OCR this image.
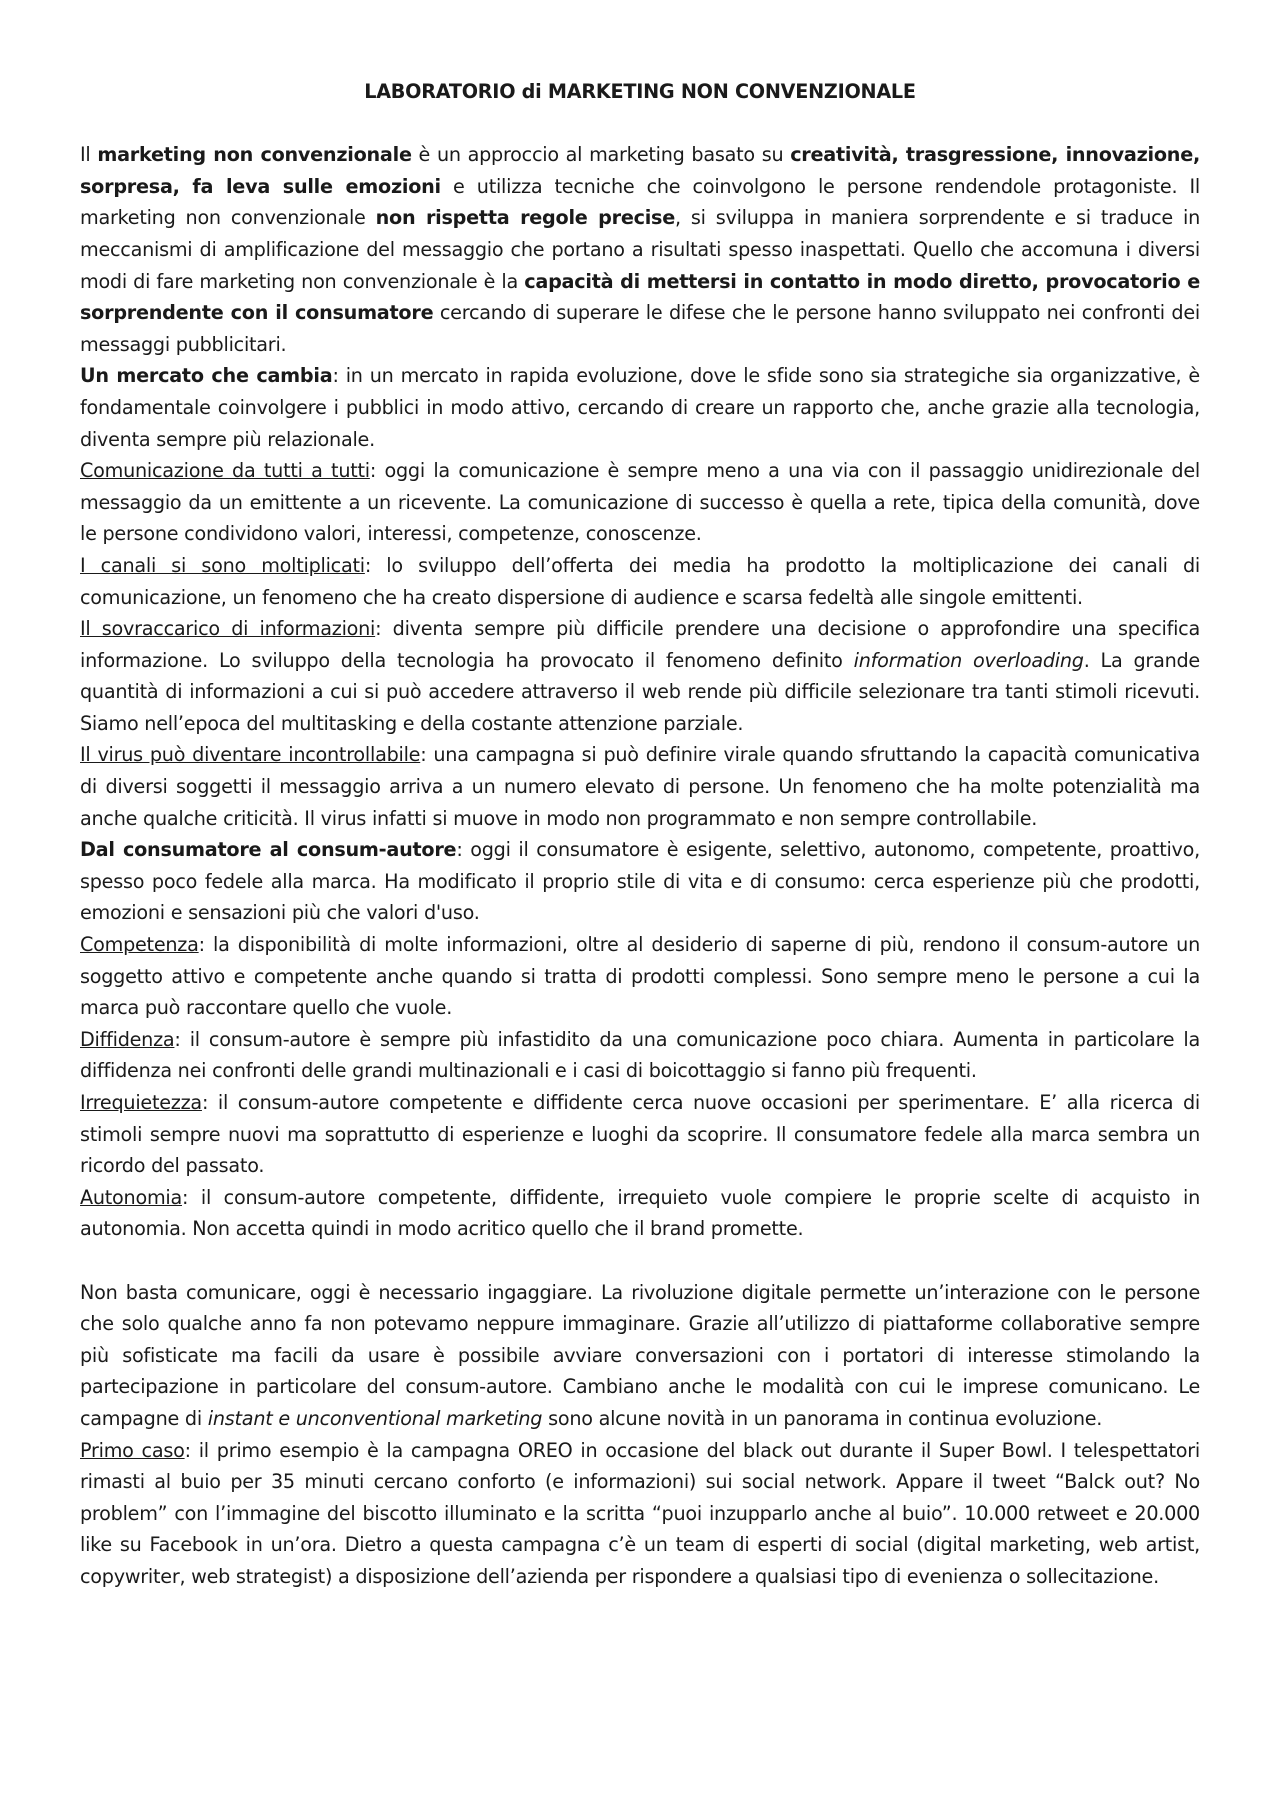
LABORATORIO di MARKETING NON CONVENZIONALE

Il marketing non convenzionale è un approccio al marketing basato su creatività, trasgressione, innovazione, sorpresa, fa leva sulle emozioni e utilizza tecniche che coinvolgono le persone rendendole protagoniste. Il marketing non convenzionale non rispetta regole precise, si sviluppa in maniera sorprendente e si traduce in meccanismi di amplificazione del messaggio che portano a risultati spesso inaspettati. Quello che accomuna i diversi modi di fare marketing non convenzionale è la capacità di mettersi in contatto in modo diretto, provocatorio e sorprendente con il consumatore cercando di superare le difese che le persone hanno sviluppato nei confronti dei messaggi pubblicitari.

Un mercato che cambia: in un mercato in rapida evoluzione, dove le sfide sono sia strategiche sia organizzative, è fondamentale coinvolgere i pubblici in modo attivo, cercando di creare un rapporto che, anche grazie alla tecnologia, diventa sempre più relazionale.

Comunicazione da tutti a tutti: oggi la comunicazione è sempre meno a una via con il passaggio unidirezionale del messaggio da un emittente a un ricevente. La comunicazione di successo è quella a rete, tipica della comunità, dove le persone condividono valori, interessi, competenze, conoscenze.

I canali si sono moltiplicati: lo sviluppo dell’offerta dei media ha prodotto la moltiplicazione dei canali di comunicazione, un fenomeno che ha creato dispersione di audience e scarsa fedeltà alle singole emittenti.

Il sovraccarico di informazioni: diventa sempre più difficile prendere una decisione o approfondire una specifica informazione. Lo sviluppo della tecnologia ha provocato il fenomeno definito information overloading. La grande quantità di informazioni a cui si può accedere attraverso il web rende più difficile selezionare tra tanti stimoli ricevuti. Siamo nell’epoca del multitasking e della costante attenzione parziale.

Il virus può diventare incontrollabile: una campagna si può definire virale quando sfruttando la capacità comunicativa di diversi soggetti il messaggio arriva a un numero elevato di persone. Un fenomeno che ha molte potenzialità ma anche qualche criticità. Il virus infatti si muove in modo non programmato e non sempre controllabile.

Dal consumatore al consum-autore: oggi il consumatore è esigente, selettivo, autonomo, competente, proattivo, spesso poco fedele alla marca. Ha modificato il proprio stile di vita e di consumo: cerca esperienze più che prodotti, emozioni e sensazioni più che valori d'uso.

Competenza: la disponibilità di molte informazioni, oltre al desiderio di saperne di più, rendono il consum-autore un soggetto attivo e competente anche quando si tratta di prodotti complessi. Sono sempre meno le persone a cui la marca può raccontare quello che vuole.

Diffidenza: il consum-autore è sempre più infastidito da una comunicazione poco chiara. Aumenta in particolare la diffidenza nei confronti delle grandi multinazionali e i casi di boicottaggio si fanno più frequenti.

Irrequietezza: il consum-autore competente e diffidente cerca nuove occasioni per sperimentare. E’ alla ricerca di stimoli sempre nuovi ma soprattutto di esperienze e luoghi da scoprire. Il consumatore fedele alla marca sembra un ricordo del passato.

Autonomia: il consum-autore competente, diffidente, irrequieto vuole compiere le proprie scelte di acquisto in autonomia. Non accetta quindi in modo acritico quello che il brand promette.

Non basta comunicare, oggi è necessario ingaggiare. La rivoluzione digitale permette un’interazione con le persone che solo qualche anno fa non potevamo neppure immaginare. Grazie all’utilizzo di piattaforme collaborative sempre più sofisticate ma facili da usare è possibile avviare conversazioni con i portatori di interesse stimolando la partecipazione in particolare del consum-autore. Cambiano anche le modalità con cui le imprese comunicano. Le campagne di instant e unconventional marketing sono alcune novità in un panorama in continua evoluzione.

Primo caso: il primo esempio è la campagna OREO in occasione del black out durante il Super Bowl. I telespettatori rimasti al buio per 35 minuti cercano conforto (e informazioni) sui social network. Appare il tweet “Balck out? No problem” con l’immagine del biscotto illuminato e la scritta “puoi inzupparlo anche al buio”. 10.000 retweet e 20.000 like su Facebook in un’ora. Dietro a questa campagna c’è un team di esperti di social (digital marketing, web artist, copywriter, web strategist) a disposizione dell’azienda per rispondere a qualsiasi tipo di evenienza o sollecitazione.
